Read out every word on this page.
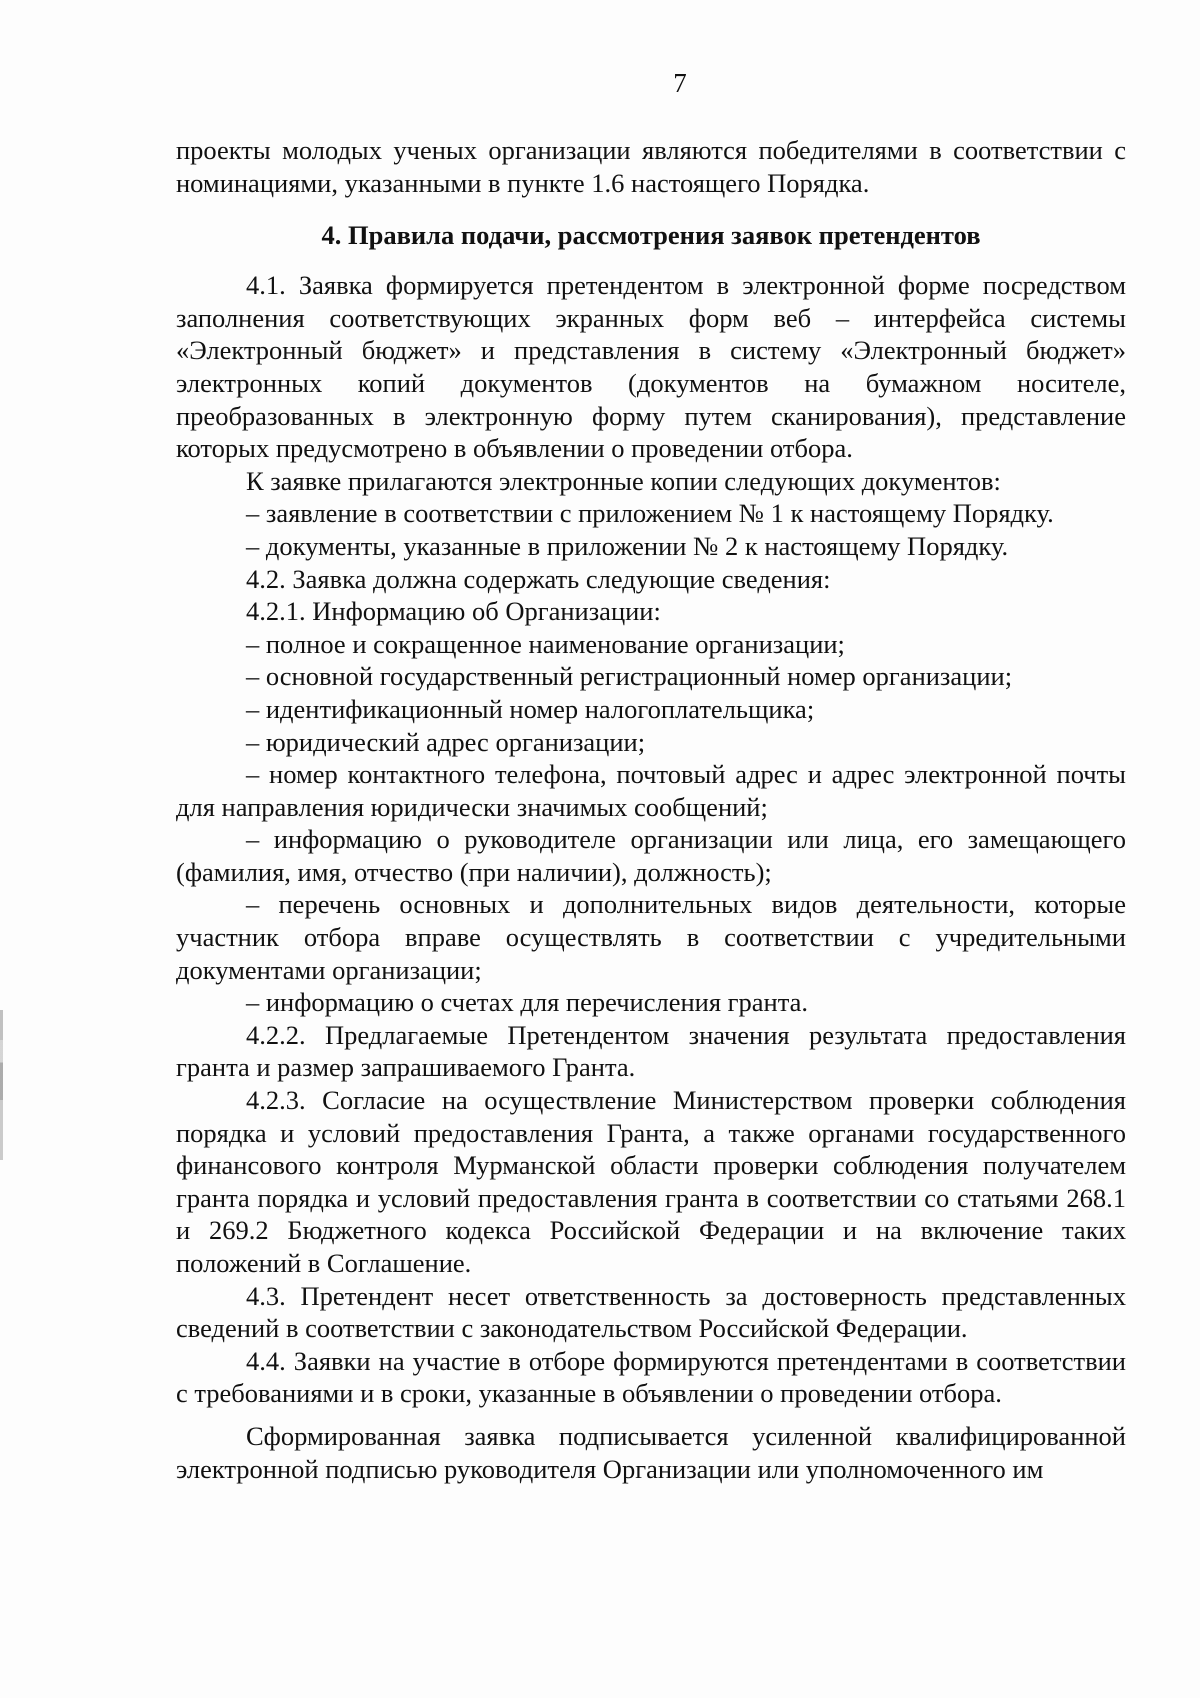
7

проекты молодых ученых организации являются победителями в соответствии с номинациями, указанными в пункте 1.6 настоящего Порядка.

4. Правила подачи, рассмотрения заявок претендентов

4.1. Заявка формируется претендентом в электронной форме посредством заполнения соответствующих экранных форм веб – интерфейса системы «Электронный бюджет» и представления в систему «Электронный бюджет» электронных копий документов (документов на бумажном носителе, преобразованных в электронную форму путем сканирования), представление которых предусмотрено в объявлении о проведении отбора.

К заявке прилагаются электронные копии следующих документов:

– заявление в соответствии с приложением № 1 к настоящему Порядку.

– документы, указанные в приложении № 2 к настоящему Порядку.

4.2. Заявка должна содержать следующие сведения:

4.2.1. Информацию об Организации:

– полное и сокращенное наименование организации;

– основной государственный регистрационный номер организации;

– идентификационный номер налогоплательщика;

– юридический адрес организации;

– номер контактного телефона, почтовый адрес и адрес электронной почты для направления юридически значимых сообщений;

– информацию о руководителе организации или лица, его замещающего (фамилия, имя, отчество (при наличии), должность);

– перечень основных и дополнительных видов деятельности, которые участник отбора вправе осуществлять в соответствии с учредительными документами организации;

– информацию о счетах для перечисления гранта.

4.2.2. Предлагаемые Претендентом значения результата предоставления гранта и размер запрашиваемого Гранта.

4.2.3. Согласие на осуществление Министерством проверки соблюдения порядка и условий предоставления Гранта, а также органами государственного финансового контроля Мурманской области проверки соблюдения получателем гранта порядка и условий предоставления гранта в соответствии со статьями 268.1 и 269.2 Бюджетного кодекса Российской Федерации и на включение таких положений в Соглашение.

4.3. Претендент несет ответственность за достоверность представленных сведений в соответствии с законодательством Российской Федерации.

4.4. Заявки на участие в отборе формируются претендентами в соответствии с требованиями и в сроки, указанные в объявлении о проведении отбора.

Сформированная заявка подписывается усиленной квалифицированной электронной подписью руководителя Организации или уполномоченного им
